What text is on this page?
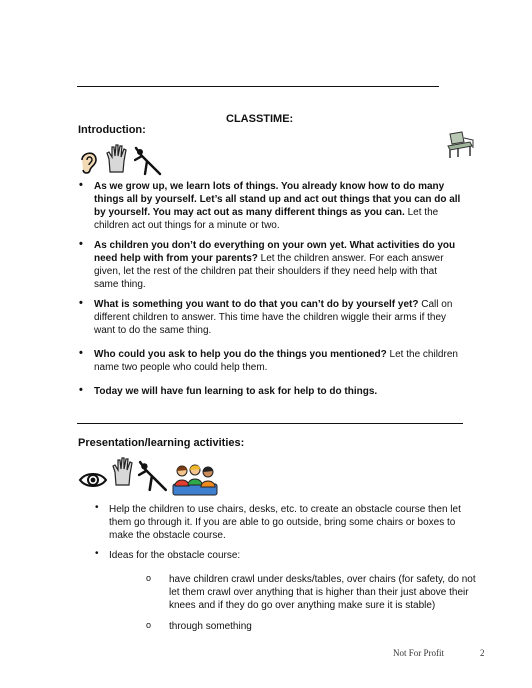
CLASSTIME:
Introduction:
• As we grow up, we learn lots of things. You already know how to do many things all by yourself. Let’s all stand up and act out things that you can do all by yourself. You may act out as many different things as you can. Let the children act out things for a minute or two.
• As children you don’t do everything on your own yet. What activities do you need help with from your parents? Let the children answer. For each answer given, let the rest of the children pat their shoulders if they need help with that same thing.
• What is something you want to do that you can’t do by yourself yet? Call on different children to answer. This time have the children wiggle their arms if they want to do the same thing.
• Who could you ask to help you do the things you mentioned? Let the children name two people who could help them.
• Today we will have fun learning to ask for help to do things.
Presentation/learning activities:
• Help the children to use chairs, desks, etc. to create an obstacle course then let them go through it. If you are able to go outside, bring some chairs or boxes to make the obstacle course.
• Ideas for the obstacle course:
o have children crawl under desks/tables, over chairs (for safety, do not let them crawl over anything that is higher than their just above their knees and if they do go over anything make sure it is stable)
o through something
Not For Profit	2
